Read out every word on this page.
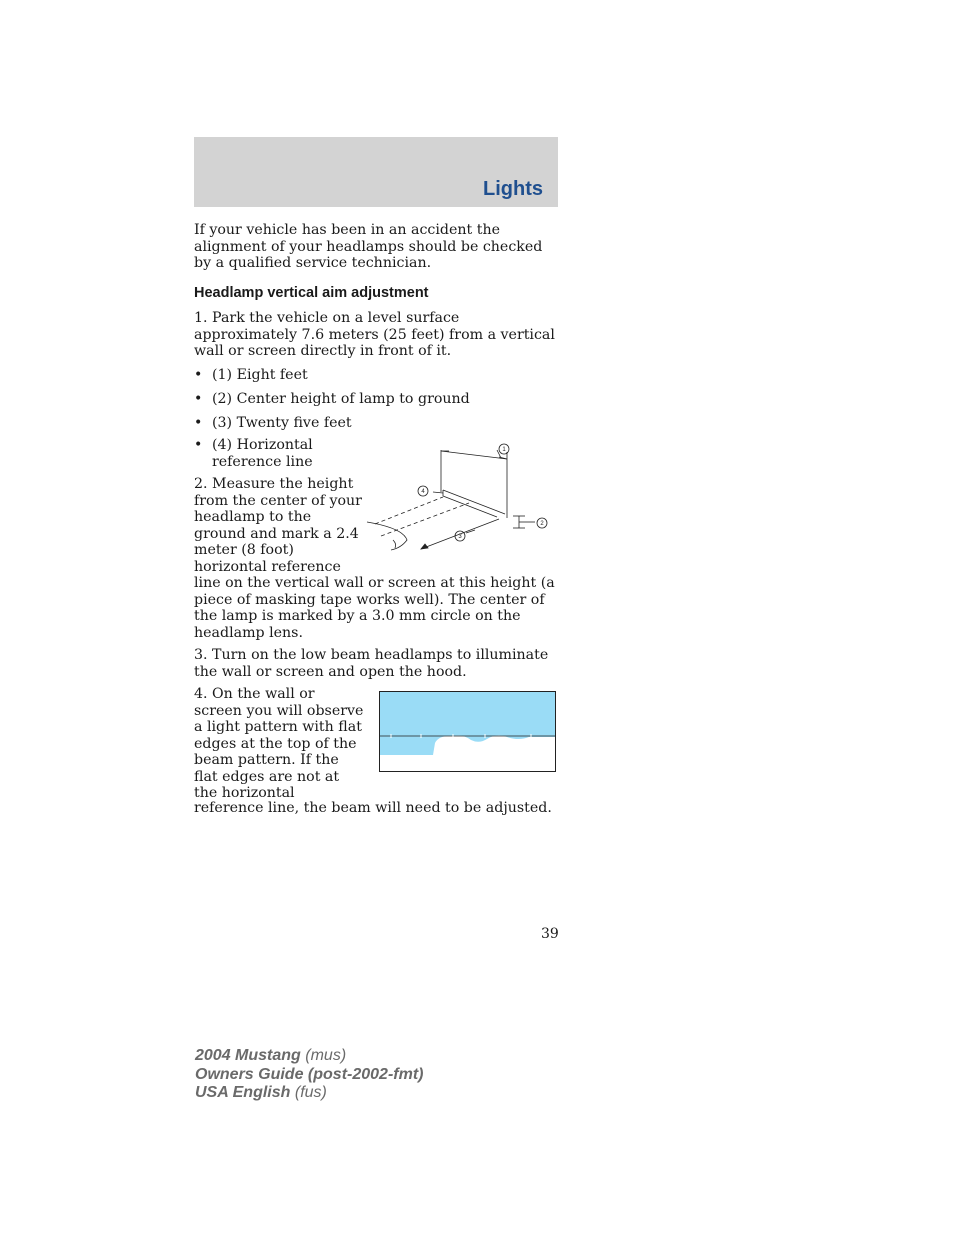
Lights

If your vehicle has been in an accident the alignment of your headlamps should be checked by a qualified service technician.

Headlamp vertical aim adjustment

1. Park the vehicle on a level surface approximately 7.6 meters (25 feet) from a vertical wall or screen directly in front of it.

• (1) Eight feet
• (2) Center height of lamp to ground
• (3) Twenty five feet
• (4) Horizontal
reference line
2. Measure the height
from the center of your
headlamp to the
ground and mark a 2.4
meter (8 foot)
horizontal reference

line on the vertical wall or screen at this height (a piece of masking tape works well). The center of the lamp is marked by a 3.0 mm circle on the headlamp lens.

1
2
3
4

3. Turn on the low beam headlamps to illuminate the wall or screen and open the hood.

4. On the wall or
screen you will observe
a light pattern with flat
edges at the top of the
beam pattern. If the
flat edges are not at
the horizontal

reference line, the beam will need to be adjusted.

39
2004 Mustang (mus)
Owners Guide (post-2002-fmt)
USA English (fus)
